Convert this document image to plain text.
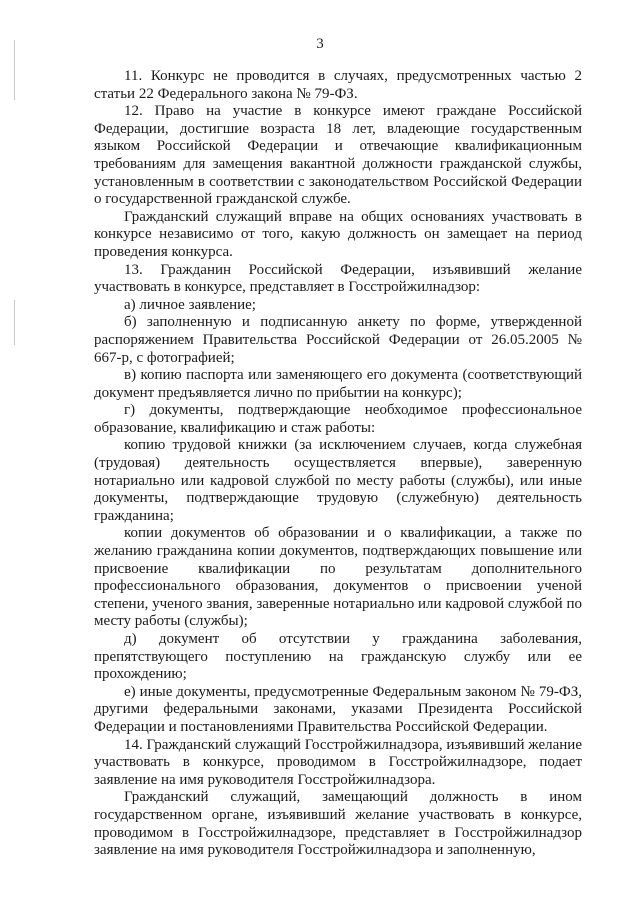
3

11. Конкурс не проводится в случаях, предусмотренных частью 2 статьи 22 Федерального закона № 79-ФЗ.

12. Право на участие в конкурсе имеют граждане Российской Федерации, достигшие возраста 18 лет, владеющие государственным языком Российской Федерации и отвечающие квалификационным требованиям для замещения вакантной должности гражданской службы, установленным в соответствии с законодательством Российской Федерации о государственной гражданской службе.

Гражданский служащий вправе на общих основаниях участвовать в конкурсе независимо от того, какую должность он замещает на период проведения конкурса.

13. Гражданин Российской Федерации, изъявивший желание участвовать в конкурсе, представляет в Госстройжилнадзор:

а) личное заявление;

б) заполненную и подписанную анкету по форме, утвержденной распоряжением Правительства Российской Федерации от 26.05.2005 № 667-р, с фотографией;

в) копию паспорта или заменяющего его документа (соответствующий документ предъявляется лично по прибытии на конкурс);

г) документы, подтверждающие необходимое профессиональное образование, квалификацию и стаж работы:

копию трудовой книжки (за исключением случаев, когда служебная (трудовая) деятельность осуществляется впервые), заверенную нотариально или кадровой службой по месту работы (службы), или иные документы, подтверждающие трудовую (служебную) деятельность гражданина;

копии документов об образовании и о квалификации, а также по желанию гражданина копии документов, подтверждающих повышение или присвоение квалификации по результатам дополнительного профессионального образования, документов о присвоении ученой степени, ученого звания, заверенные нотариально или кадровой службой по месту работы (службы);

д) документ об отсутствии у гражданина заболевания, препятствующего поступлению на гражданскую службу или ее прохождению;

е) иные документы, предусмотренные Федеральным законом № 79-ФЗ, другими федеральными законами, указами Президента Российской Федерации и постановлениями Правительства Российской Федерации.

14. Гражданский служащий Госстройжилнадзора, изъявивший желание участвовать в конкурсе, проводимом в Госстройжилнадзоре, подает заявление на имя руководителя Госстройжилнадзора.

Гражданский служащий, замещающий должность в ином государственном органе, изъявивший желание участвовать в конкурсе, проводимом в Госстройжилнадзоре, представляет в Госстройжилнадзор заявление на имя руководителя Госстройжилнадзора и заполненную,
